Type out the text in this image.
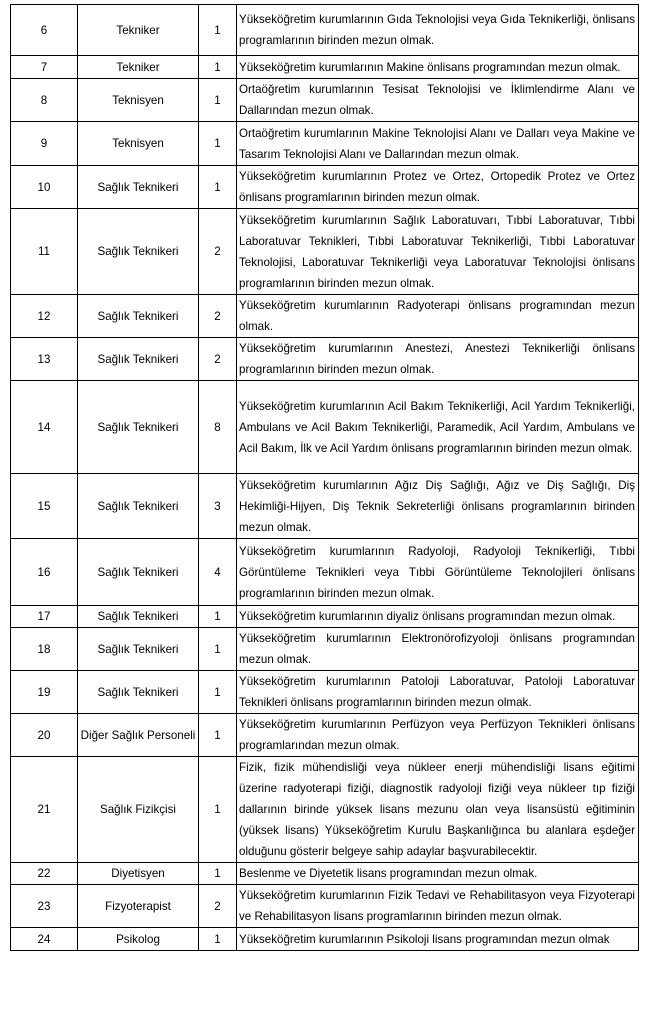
6	Tekniker	1	Yükseköğretim kurumlarının Gıda Teknolojisi veya Gıda Teknikerliği, önlisans programlarının birinden mezun olmak.
7	Tekniker	1	Yükseköğretim kurumlarının Makine önlisans programından mezun olmak.
8	Teknisyen	1	Ortaöğretim kurumlarının Tesisat Teknolojisi ve İklimlendirme Alanı ve Dallarından mezun olmak.
9	Teknisyen	1	Ortaöğretim kurumlarının Makine Teknolojisi Alanı ve Dalları veya Makine ve Tasarım Teknolojisi Alanı ve Dallarından mezun olmak.
10	Sağlık Teknikeri	1	Yükseköğretim kurumlarının Protez ve Ortez, Ortopedik Protez ve Ortez önlisans programlarının birinden mezun olmak.
11	Sağlık Teknikeri	2	Yükseköğretim kurumlarının Sağlık Laboratuvarı, Tıbbi Laboratuvar, Tıbbi Laboratuvar Teknikleri, Tıbbi Laboratuvar Teknikerliği, Tıbbi Laboratuvar Teknolojisi, Laboratuvar Teknikerliği veya Laboratuvar Teknolojisi önlisans programlarının birinden mezun olmak.
12	Sağlık Teknikeri	2	Yükseköğretim kurumlarının Radyoterapi önlisans programından mezun olmak.
13	Sağlık Teknikeri	2	Yükseköğretim kurumlarının Anestezi, Anestezi Teknikerliği önlisans programlarının birinden mezun olmak.
14	Sağlık Teknikeri	8	Yükseköğretim kurumlarının Acil Bakım Teknikerliği, Acil Yardım Teknikerliği, Ambulans ve Acil Bakım Teknikerliği, Paramedik, Acil Yardım, Ambulans ve Acil Bakım, İlk ve Acil Yardım önlisans programlarının birinden mezun olmak.
15	Sağlık Teknikeri	3	Yükseköğretim kurumlarının Ağız Diş Sağlığı, Ağız ve Diş Sağlığı, Diş Hekimliği-Hijyen, Diş Teknik Sekreterliği önlisans programlarının birinden mezun olmak.
16	Sağlık Teknikeri	4	Yükseköğretim kurumlarının Radyoloji, Radyoloji Teknikerliği, Tıbbi Görüntüleme Teknikleri veya Tıbbi Görüntüleme Teknolojileri önlisans programlarının birinden mezun olmak.
17	Sağlık Teknikeri	1	Yükseköğretim kurumlarının diyaliz önlisans programından mezun olmak.
18	Sağlık Teknikeri	1	Yükseköğretim kurumlarının Elektronörofizyoloji önlisans programından mezun olmak.
19	Sağlık Teknikeri	1	Yükseköğretim kurumlarının Patoloji Laboratuvar, Patoloji Laboratuvar Teknikleri önlisans programlarının birinden mezun olmak.
20	Diğer Sağlık Personeli	1	Yükseköğretim kurumlarının Perfüzyon veya Perfüzyon Teknikleri önlisans programlarından mezun olmak.
21	Sağlık Fizikçisi	1	Fizik, fizik mühendisliği veya nükleer enerji mühendisliği lisans eğitimi üzerine radyoterapi fiziği, diagnostik radyoloji fiziği veya nükleer tıp fiziği dallarının birinde yüksek lisans mezunu olan veya lisansüstü eğitiminin (yüksek lisans) Yükseköğretim Kurulu Başkanlığınca bu alanlara eşdeğer olduğunu gösterir belgeye sahip adaylar başvurabilecektir.
22	Diyetisyen	1	Beslenme ve Diyetetik lisans programından mezun olmak.
23	Fizyoterapist	2	Yükseköğretim kurumlarının Fizik Tedavi ve Rehabilitasyon veya Fizyoterapi ve Rehabilitasyon lisans programlarının birinden mezun olmak.
24	Psikolog	1	Yükseköğretim kurumlarının Psikoloji lisans programından mezun olmak
